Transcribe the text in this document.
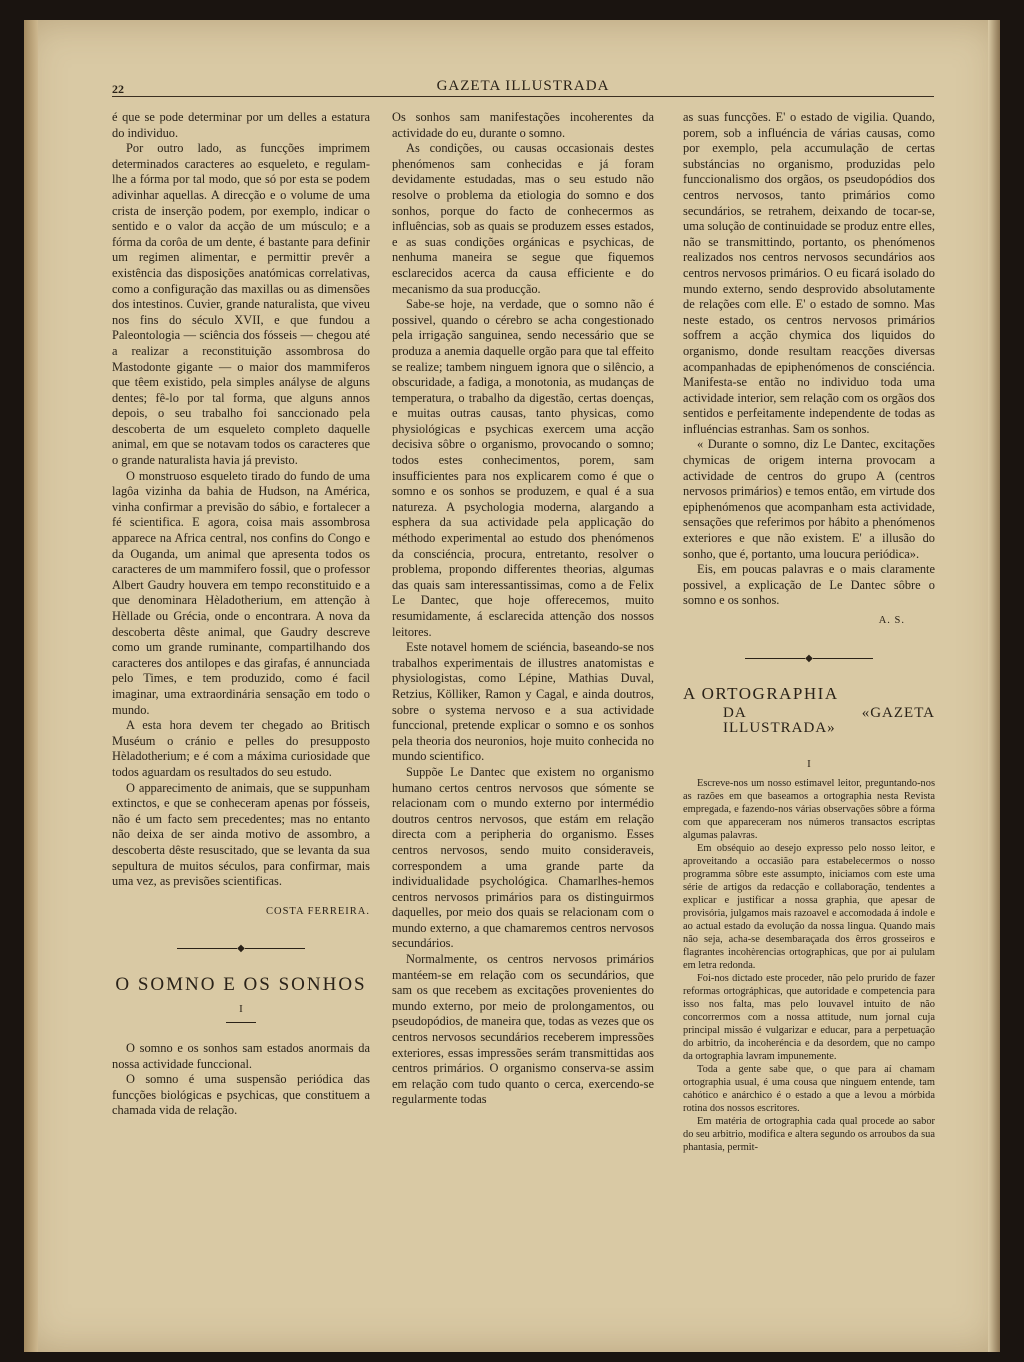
22	GAZETA ILLUSTRADA

é que se pode determinar por um delles a estatura do individuo.

Por outro lado, as funcções imprimem determinados caracteres ao esqueleto, e regulam-lhe a fórma por tal modo, que só por esta se podem adivinhar aquellas. A direcção e o volume de uma crista de inserção podem, por exemplo, indicar o sentido e o valor da acção de um músculo; e a fórma da corôa de um dente, é bastante para definir um regimen alimentar, e permittir prevêr a existência das disposições anatómicas correlativas, como a configuração das maxillas ou as dimensões dos intestinos. Cuvier, grande naturalista, que viveu nos fins do século XVII, e que fundou a Paleontologia — sciência dos fósseis — chegou até a realizar a reconstituição assombrosa do Mastodonte gigante — o maior dos mammiferos que têem existido, pela simples anályse de alguns dentes; fê-lo por tal forma, que alguns annos depois, o seu trabalho foi sanccionado pela descoberta de um esqueleto completo daquelle animal, em que se notavam todos os caracteres que o grande naturalista havia já previsto.

O monstruoso esqueleto tirado do fundo de uma lagôa vizinha da bahia de Hudson, na América, vinha confirmar a previsão do sábio, e fortalecer a fé scientifica. E agora, coisa mais assombrosa apparece na Africa central, nos confins do Congo e da Ouganda, um animal que apresenta todos os caracteres de um mammifero fossil, que o professor Albert Gaudry houvera em tempo reconstituido e a que denominara Hèladotherium, em attenção à Hèllade ou Grécia, onde o encontrara. A nova da descoberta dêste animal, que Gaudry descreve como um grande ruminante, compartilhando dos caracteres dos antilopes e das girafas, é annunciada pelo Times, e tem produzido, como é facil imaginar, uma extraordinária sensação em todo o mundo.

A esta hora devem ter chegado ao Britisch Muséum o cránio e pelles do presupposto Hèladotherium; e é com a máxima curiosidade que todos aguardam os resultados do seu estudo.

O apparecimento de animais, que se suppunham extinctos, e que se conheceram apenas por fósseis, não é um facto sem precedentes; mas no entanto não deixa de ser ainda motivo de assombro, a descoberta dêste resuscitado, que se levanta da sua sepultura de muitos séculos, para confirmar, mais uma vez, as previsões scientificas.

COSTA FERREIRA.
◆
O SOMNO E OS SONHOS
I

O somno e os sonhos sam estados anormais da nossa actividade funccional.

O somno é uma suspensão periódica das funcções biológicas e psychicas, que constituem a chamada vida de relação.

Os sonhos sam manifestações incoherentes da actividade do eu, durante o somno.

As condições, ou causas occasionais destes phenómenos sam conhecidas e já foram devidamente estudadas, mas o seu estudo não resolve o problema da etiologia do somno e dos sonhos, porque do facto de conhecermos as influências, sob as quais se produzem esses estados, e as suas condições orgánicas e psychicas, de nenhuma maneira se segue que fiquemos esclarecidos acerca da causa efficiente e do mecanismo da sua producção.

Sabe-se hoje, na verdade, que o somno não é possivel, quando o cérebro se acha congestionado pela irrigação sanguinea, sendo necessário que se produza a anemia daquelle orgão para que tal effeito se realize; tambem ninguem ignora que o silêncio, a obscuridade, a fadiga, a monotonia, as mudanças de temperatura, o trabalho da digestão, certas doenças, e muitas outras causas, tanto physicas, como physiológicas e psychicas exercem uma acção decisiva sôbre o organismo, provocando o somno; todos estes conhecimentos, porem, sam insufficientes para nos explicarem como é que o somno e os sonhos se produzem, e qual é a sua natureza. A psychologia moderna, alargando a esphera da sua actividade pela applicação do méthodo experimental ao estudo dos phenómenos da consciéncia, procura, entretanto, resolver o problema, propondo differentes theorias, algumas das quais sam interessantissimas, como a de Felix Le Dantec, que hoje offerecemos, muito resumidamente, á esclarecida attenção dos nossos leitores.

Este notavel homem de sciéncia, baseando-se nos trabalhos experimentais de illustres anatomistas e physiologistas, como Lépine, Mathias Duval, Retzius, Kölliker, Ramon y Cagal, e ainda doutros, sobre o systema nervoso e a sua actividade funccional, pretende explicar o somno e os sonhos pela theoria dos neuronios, hoje muito conhecida no mundo scientifico.

Suppõe Le Dantec que existem no organismo humano certos centros nervosos que sómente se relacionam com o mundo externo por intermédio doutros centros nervosos, que estám em relação directa com a peripheria do organismo. Esses centros nervosos, sendo muito consideraveis, correspondem a uma grande parte da individualidade psychológica. Chamarlhes-hemos centros nervosos primários para os distinguirmos daquelles, por meio dos quais se relacionam com o mundo externo, a que chamaremos centros nervosos secundários.

Normalmente, os centros nervosos primários mantéem-se em relação com os secundários, que sam os que recebem as excitações provenientes do mundo externo, por meio de prolongamentos, ou pseudopódios, de maneira que, todas as vezes que os centros nervosos secundários receberem impressões exteriores, essas impressões serám transmittidas aos centros primários. O organismo conserva-se assim em relação com tudo quanto o cerca, exercendo-se regularmente todas

as suas funcções. E' o estado de vigilia. Quando, porem, sob a influéncia de várias causas, como por exemplo, pela accumulação de certas substáncias no organismo, produzidas pelo funccionalismo dos orgãos, os pseudopódios dos centros nervosos, tanto primários como secundários, se retrahem, deixando de tocar-se, uma solução de continuidade se produz entre elles, não se transmittindo, portanto, os phenómenos realizados nos centros nervosos secundários aos centros nervosos primários. O eu ficará isolado do mundo externo, sendo desprovido absolutamente de relações com elle. E' o estado de somno. Mas neste estado, os centros nervosos primários soffrem a acção chymica dos liquidos do organismo, donde resultam reacções diversas acompanhadas de epiphenómenos de consciéncia. Manifesta-se então no individuo toda uma actividade interior, sem relação com os orgãos dos sentidos e perfeitamente independente de todas as influéncias estranhas. Sam os sonhos.

« Durante o somno, diz Le Dantec, excitações chymicas de origem interna provocam a actividade de centros do grupo A (centros nervosos primários) e temos então, em virtude dos epiphenómenos que acompanham esta actividade, sensações que referimos por hábito a phenómenos exteriores e que não existem. E' a illusão do sonho, que é, portanto, uma loucura periódica».

Eis, em poucas palavras e o mais claramente possivel, a explicação de Le Dantec sôbre o somno e os sonhos.

A. S.
◆
A ORTOGRAPHIA
DA «GAZETA ILLUSTRADA»
I

Escreve-nos um nosso estimavel leitor, preguntando-nos as razões em que baseamos a ortographia nesta Revista empregada, e fazendo-nos várias observações sôbre a fórma com que appareceram nos números transactos escriptas algumas palavras.

Em obséquio ao desejo expresso pelo nosso leitor, e aproveitando a occasião para estabelecermos o nosso programma sôbre este assumpto, iniciamos com este uma série de artigos da redacção e collaboração, tendentes a explicar e justificar a nossa graphia, que apesar de provisória, julgamos mais razoavel e accomodada á indole e ao actual estado da evolução da nossa lingua. Quando mais não seja, acha-se desembaraçada dos êrros grosseiros e flagrantes incohèrencias ortographicas, que por ai pululam em letra redonda.

Foi-nos dictado este proceder, não pelo prurido de fazer reformas ortográphicas, que autoridade e competencia para isso nos falta, mas pelo louvavel intuito de não concorrermos com a nossa attitude, num jornal cuja principal missão é vulgarizar e educar, para a perpetuação do arbitrio, da incoheréncia e da desordem, que no campo da ortographia lavram impunemente.

Toda a gente sabe que, o que para aí chamam ortographia usual, é uma cousa que ninguem entende, tam cahótico e anárchico é o estado a que a levou a mórbida rotina dos nossos escritores.

Em matéria de ortographia cada qual procede ao sabor do seu arbitrio, modifica e altera segundo os arroubos da sua phantasia, permit-
